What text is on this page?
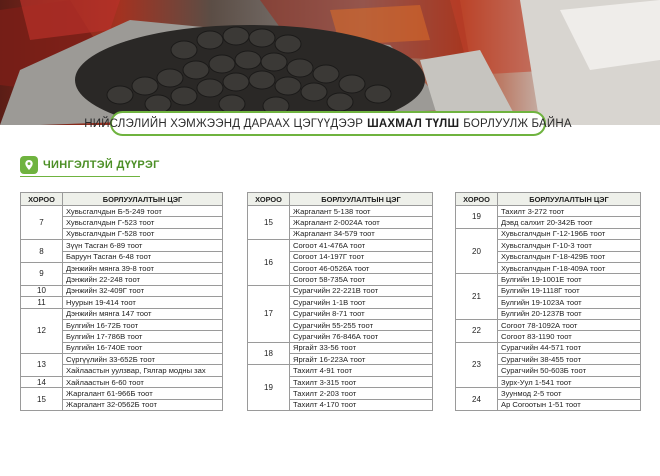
НИЙСЛЭЛИЙН ХЭМЖЭЭНД ДАРААХ ЦЭГҮҮДЭЭР ШАХМАЛ ТҮЛШ БОРЛУУЛЖ БАЙНА
ЧИНГЭЛТЭЙ ДҮҮРЭГ
ХОРОО	БОРЛУУЛАЛТЫН ЦЭГ
7	Хувьсгалчдын Б-5-249 тоот
	Хувьсгалчдын Г-523 тоот
	Хувьсгалчдын Г-528 тоот
8	Зүүн Тасган 6-89 тоот
	Баруун Тасган 6-48 тоот
9	Дэнжийн мянга 39-8 тоот
	Дэнжийн 22-248 тоот
10	Дэнжийн 32-409Г тоот
11	Нуурын 19-414 тоот
12	Дэнжийн мянга 147 тоот
	Булгийн 16-72Б тоот
	Булгийн 17-786В тоот
	Булгийн 16-740Е тоот
13	Сүргүүлийн 33-652Б тоот
	Хайлаастын уулзвар, Гялгар модны зах
14	Хайлаастын 6-60 тоот
15	Жаргалант 61-966Б тоот
	Жаргалант 32-0562Б тоот
ХОРОО	БОРЛУУЛАЛТЫН ЦЭГ
15	Жаргалант 5-138 тоот
	Жаргалант 2-0024А тоот
	Жаргалант 34-579 тоот
16	Согоот 41-476А тоот
	Согоот 14-197Г тоот
	Согоот 46-0526А тоот
	Согоот 58-735А тоот
17	Сурагчийн 22-221В тоот
	Сурагчийн 1-1В тоот
	Сурагчийн 8-71 тоот
	Сурагчийн 55-255 тоот
	Сурагчийн 76-846А тоот
18	Яргайт 33-56 тоот
	Яргайт 16-223А тоот
19	Тахилт 4-91 тоот
	Тахилт 3-315 тоот
	Тахилт 2-203 тоот
	Тахилт 4-170 тоот
ХОРОО	БОРЛУУЛАЛТЫН ЦЭГ
19	Тахилт 3-272 тоот
	Дэвд салхит 20-342Б тоот
20	Хувьсгалчдын Г-12-196Б тоот
	Хувьсгалчдын Г-10-3 тоот
	Хувьсгалчдын Г-18-429Б тоот
	Хувьсгалчдын Г-18-409А тоот
21	Булгийн 19-1001Е тоот
	Булгийн 19-1118Г тоот
	Булгийн 19-1023А тоот
	Булгийн 20-1237В тоот
22	Согоот 78-1092А тоот
	Согоот 83-1190 тоот
23	Сурагчийн 44-571 тоот
	Сурагчийн 38-455 тоот
	Сурагчийн 50-603Б тоот
	Зурх-Уул 1-541 тоот
24	Зуунмод 2-5 тоот
	Ар Согоотын 1-51 тоот
